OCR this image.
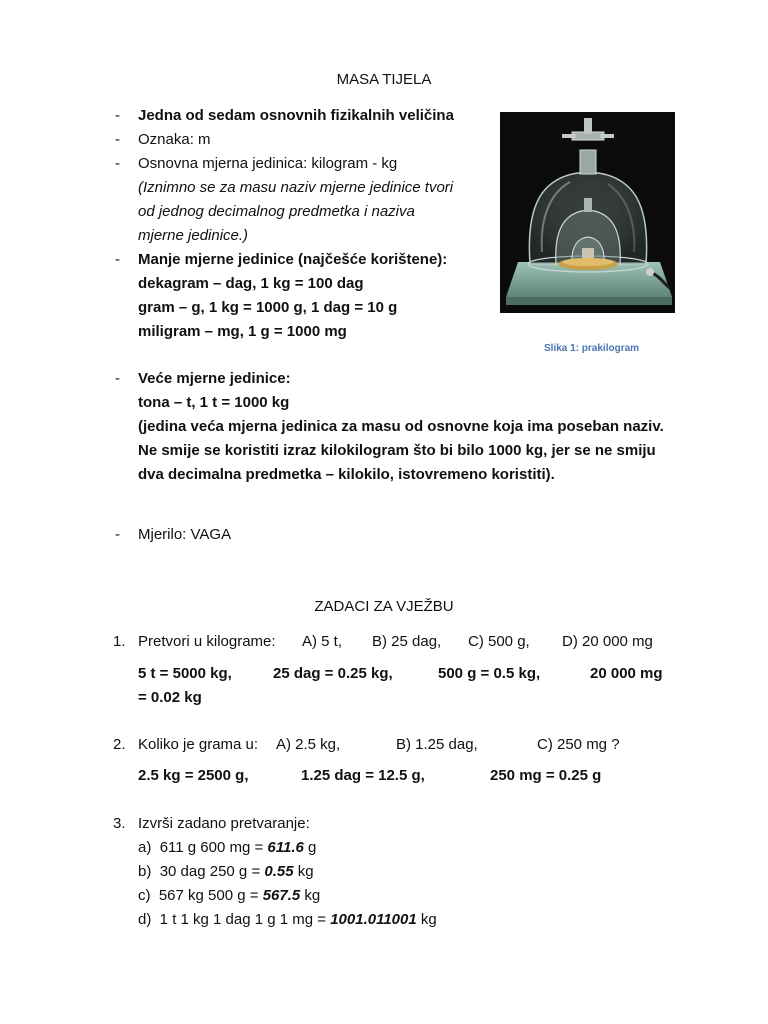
MASA TIJELA
- Jedna od sedam osnovnih fizikalnih veličina
- Oznaka: m
- Osnovna mjerna jedinica: kilogram - kg
(Iznimno se za masu naziv mjerne jedinice tvori
od jednog decimalnog predmetka i naziva
mjerne jedinice.)
- Manje mjerne jedinice (najčešće korištene):
dekagram – dag, 1 kg = 100 dag
gram – g, 1 kg = 1000 g, 1 dag = 10 g
miligram – mg, 1 g = 1000 mg
Slika 1: prakilogram
- Veće mjerne jedinice:
tona – t, 1 t = 1000 kg
(jedina veća mjerna jedinica za masu od osnovne koja ima poseban naziv.
Ne smije se koristiti izraz kilokilogram što bi bilo 1000 kg, jer se ne smiju
dva decimalna predmetka – kilokilo, istovremeno koristiti).
- Mjerilo: VAGA
ZADACI ZA VJEŽBU
1. Pretvori u kilograme: A) 5 t, B) 25 dag, C) 500 g, D) 20 000 mg
5 t = 5000 kg,	25 dag = 0.25 kg,	500 g = 0.5 kg,	20 000 mg
= 0.02 kg
2. Koliko je grama u: A) 2.5 kg,	B) 1.25 dag,	C) 250 mg ?
2.5 kg = 2500 g,	1.25 dag = 12.5 g,	250 mg = 0.25 g
3. Izvrši zadano pretvaranje:
a) 611 g 600 mg = 611.6 g
b) 30 dag 250 g = 0.55 kg
c) 567 kg 500 g = 567.5 kg
d)  1 t 1 kg 1 dag 1 g 1 mg = 1001.011001 kg
